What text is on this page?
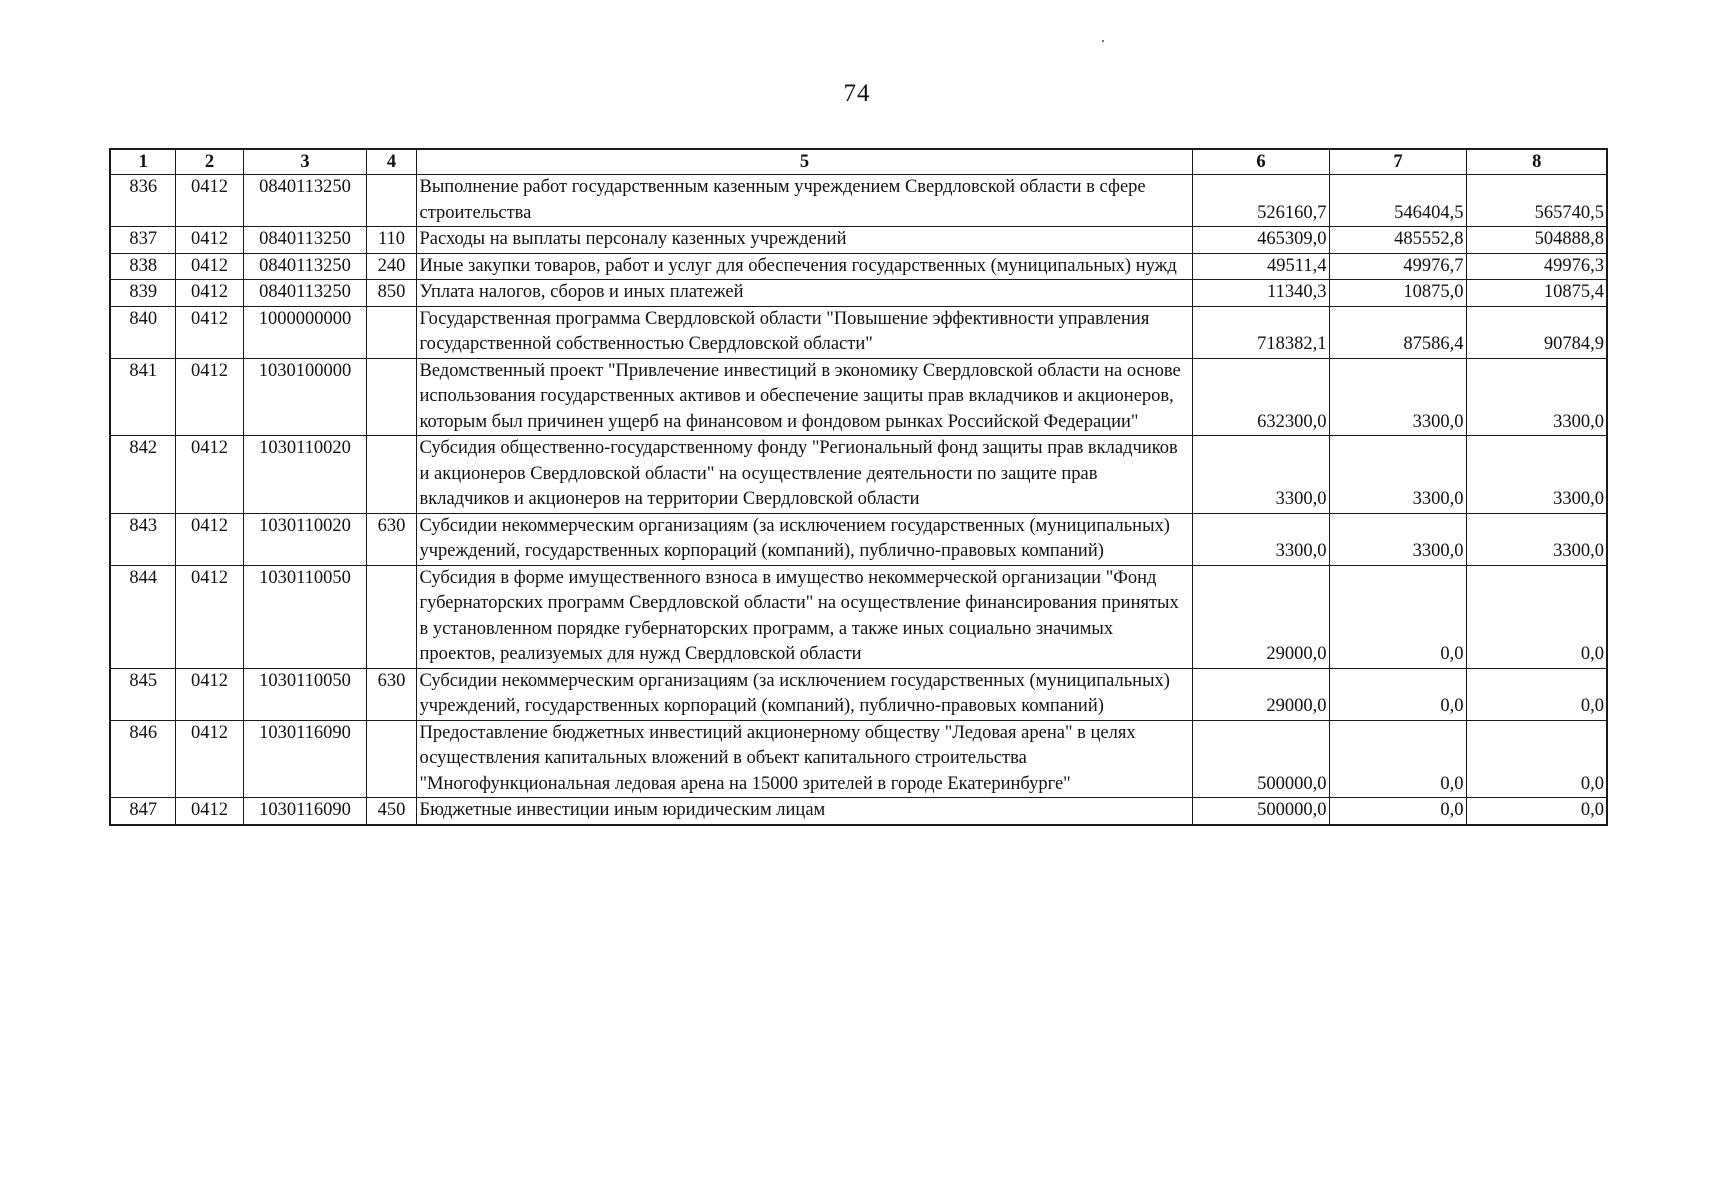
74
1	2	3	4	5	6	7	8
836	0412	0840113250		Выполнение работ государственным казенным учреждением Свердловской области в сфере строительства	526160,7	546404,5	565740,5
837	0412	0840113250	110	Расходы на выплаты персоналу казенных учреждений	465309,0	485552,8	504888,8
838	0412	0840113250	240	Иные закупки товаров, работ и услуг для обеспечения государственных (муниципальных) нужд	49511,4	49976,7	49976,3
839	0412	0840113250	850	Уплата налогов, сборов и иных платежей	11340,3	10875,0	10875,4
840	0412	1000000000		Государственная программа Свердловской области "Повышение эффективности управления государственной собственностью Свердловской области"	718382,1	87586,4	90784,9
841	0412	1030100000		Ведомственный проект "Привлечение инвестиций в экономику Свердловской области на основе использования государственных активов и обеспечение защиты прав вкладчиков и акционеров, которым был причинен ущерб на финансовом и фондовом рынках Российской Федерации"	632300,0	3300,0	3300,0
842	0412	1030110020		Субсидия общественно-государственному фонду "Региональный фонд защиты прав вкладчиков и акционеров Свердловской области" на осуществление деятельности по защите прав вкладчиков и акционеров на территории Свердловской области	3300,0	3300,0	3300,0
843	0412	1030110020	630	Субсидии некоммерческим организациям (за исключением государственных (муниципальных) учреждений, государственных корпораций (компаний), публично-правовых компаний)	3300,0	3300,0	3300,0
844	0412	1030110050		Субсидия в форме имущественного взноса в имущество некоммерческой организации "Фонд губернаторских программ Свердловской области" на осуществление финансирования принятых в установленном порядке губернаторских программ, а также иных социально значимых проектов, реализуемых для нужд Свердловской области	29000,0	0,0	0,0
845	0412	1030110050	630	Субсидии некоммерческим организациям (за исключением государственных (муниципальных) учреждений, государственных корпораций (компаний), публично-правовых компаний)	29000,0	0,0	0,0
846	0412	1030116090		Предоставление бюджетных инвестиций акционерному обществу "Ледовая арена" в целях осуществления капитальных вложений в объект капитального строительства "Многофункциональная ледовая арена на 15000 зрителей в городе Екатеринбурге"	500000,0	0,0	0,0
847	0412	1030116090	450	Бюджетные инвестиции иным юридическим лицам	500000,0	0,0	0,0
